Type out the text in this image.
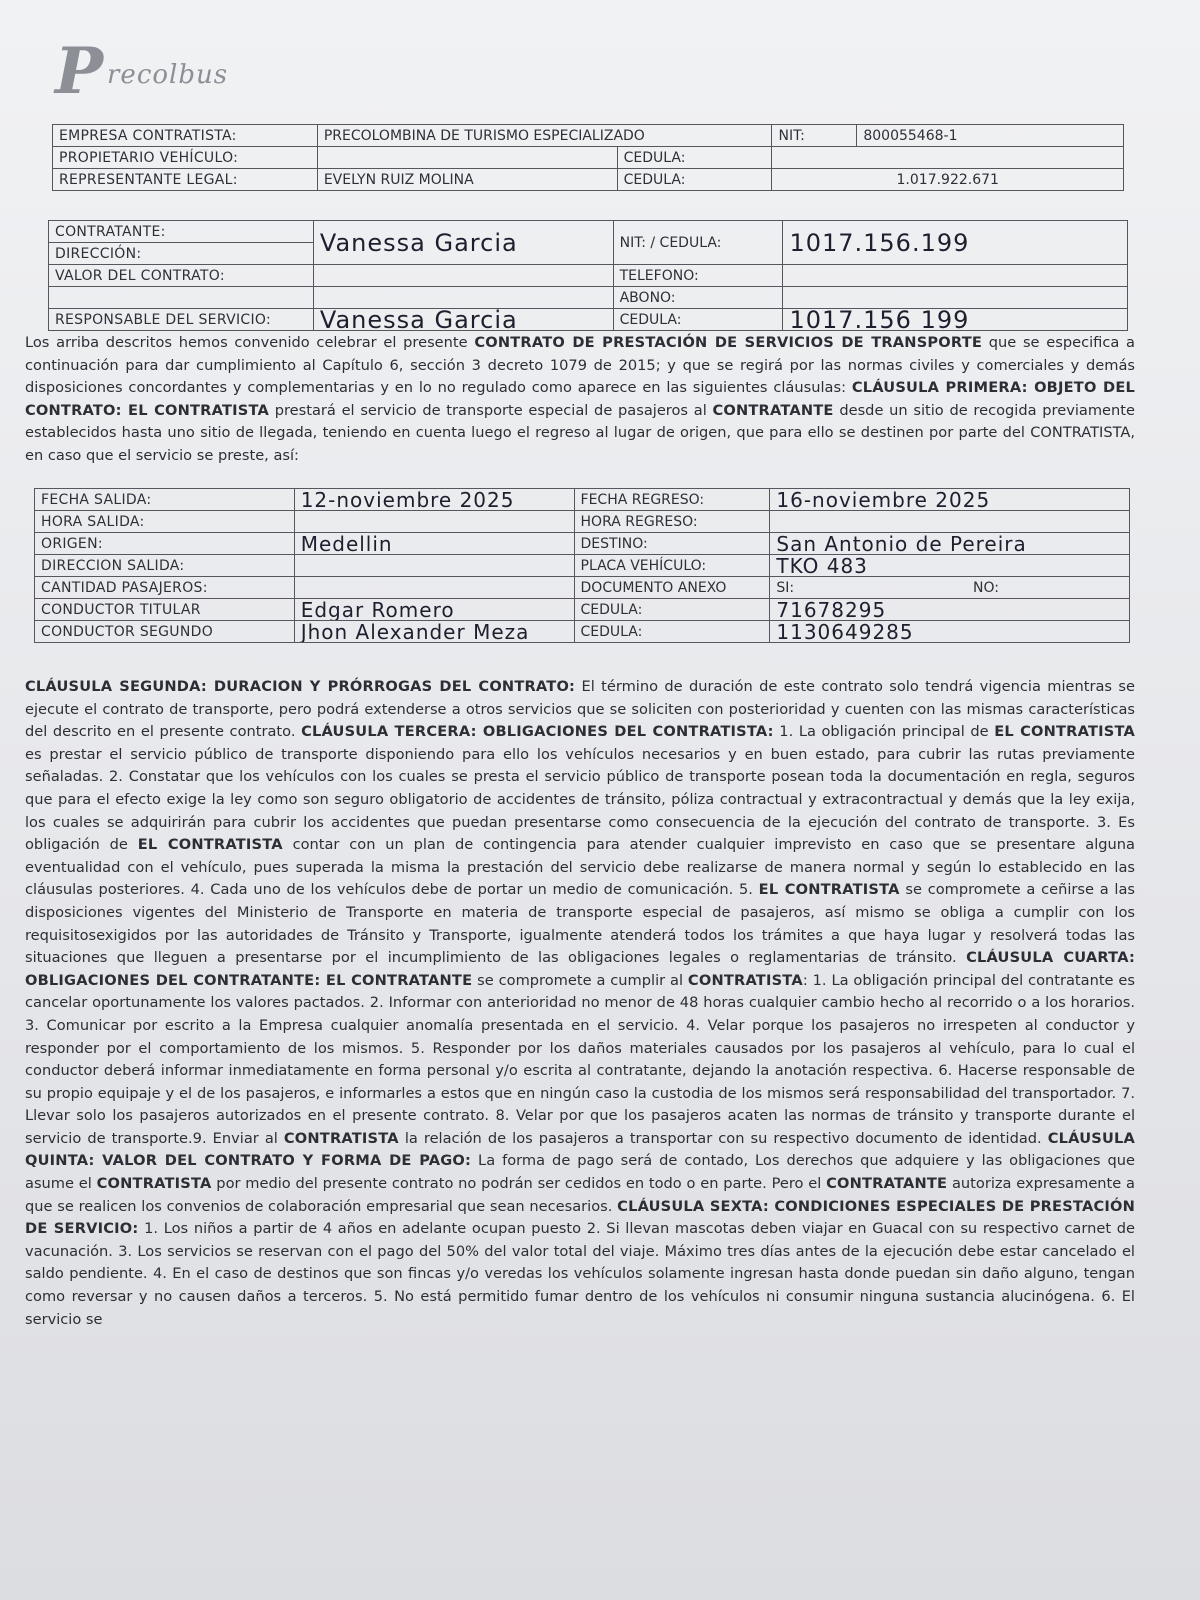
P recolbus
EMPRESA CONTRATISTA:	PRECOLOMBINA DE TURISMO ESPECIALIZADO		NIT:	800055468-1
PROPIETARIO VEHÍCULO:		CEDULA:		
REPRESENTANTE LEGAL:	EVELYN RUIZ MOLINA	CEDULA:	1.017.922.671	
CONTRATANTE:	Vanessa Garcia	NIT: / CEDULA:	1017.156.199
DIRECCIÓN:			
VALOR DEL CONTRATO:		TELEFONO:	
		ABONO:	
RESPONSABLE DEL SERVICIO:	Vanessa Garcia	CEDULA:	1017.156 199

Los arriba descritos hemos convenido celebrar el presente CONTRATO DE PRESTACIÓN DE SERVICIOS DE TRANSPORTE que se especifica a continuación para dar cumplimiento al Capítulo 6, sección 3 decreto 1079 de 2015; y que se regirá por las normas civiles y comerciales y demás disposiciones concordantes y complementarias y en lo no regulado como aparece en las siguientes cláusulas: CLÁUSULA PRIMERA: OBJETO DEL CONTRATO: EL CONTRATISTA prestará el servicio de transporte especial de pasajeros al CONTRATANTE desde un sitio de recogida previamente establecidos hasta uno sitio de llegada, teniendo en cuenta luego el regreso al lugar de origen, que para ello se destinen por parte del CONTRATISTA, en caso que el servicio se preste, así:

FECHA SALIDA:	12-noviembre 2025	FECHA REGRESO:	16-noviembre 2025
HORA SALIDA:		HORA REGRESO:	
ORIGEN:	Medellin	DESTINO:	San Antonio de Pereira
DIRECCION SALIDA:		PLACA VEHÍCULO:	TKO 483
CANTIDAD PASAJEROS:		DOCUMENTO ANEXO	SI: NO:
CONDUCTOR TITULAR	Edgar Romero	CEDULA:	71678295
CONDUCTOR SEGUNDO	Jhon Alexander Meza	CEDULA:	1130649285

CLÁUSULA SEGUNDA: DURACION Y PRÓRROGAS DEL CONTRATO: El término de duración de este contrato solo tendrá vigencia mientras se ejecute el contrato de transporte, pero podrá extenderse a otros servicios que se soliciten con posterioridad y cuenten con las mismas características del descrito en el presente contrato. CLÁUSULA TERCERA: OBLIGACIONES DEL CONTRATISTA: 1. La obligación principal de EL CONTRATISTA es prestar el servicio público de transporte disponiendo para ello los vehículos necesarios y en buen estado, para cubrir las rutas previamente señaladas. 2. Constatar que los vehículos con los cuales se presta el servicio público de transporte posean toda la documentación en regla, seguros que para el efecto exige la ley como son seguro obligatorio de accidentes de tránsito, póliza contractual y extracontractual y demás que la ley exija, los cuales se adquirirán para cubrir los accidentes que puedan presentarse como consecuencia de la ejecución del contrato de transporte. 3. Es obligación de EL CONTRATISTA contar con un plan de contingencia para atender cualquier imprevisto en caso que se presentare alguna eventualidad con el vehículo, pues superada la misma la prestación del servicio debe realizarse de manera normal y según lo establecido en las cláusulas posteriores. 4. Cada uno de los vehículos debe de portar un medio de comunicación. 5. EL CONTRATISTA se compromete a ceñirse a las disposiciones vigentes del Ministerio de Transporte en materia de transporte especial de pasajeros, así mismo se obliga a cumplir con los requisitosexigidos por las autoridades de Tránsito y Transporte, igualmente atenderá todos los trámites a que haya lugar y resolverá todas las situaciones que lleguen a presentarse por el incumplimiento de las obligaciones legales o reglamentarias de tránsito. CLÁUSULA CUARTA: OBLIGACIONES DEL CONTRATANTE: EL CONTRATANTE se compromete a cumplir al CONTRATISTA: 1. La obligación principal del contratante es cancelar oportunamente los valores pactados. 2. Informar con anterioridad no menor de 48 horas cualquier cambio hecho al recorrido o a los horarios. 3. Comunicar por escrito a la Empresa cualquier anomalía presentada en el servicio. 4. Velar porque los pasajeros no irrespeten al conductor y responder por el comportamiento de los mismos. 5. Responder por los daños materiales causados por los pasajeros al vehículo, para lo cual el conductor deberá informar inmediatamente en forma personal y/o escrita al contratante, dejando la anotación respectiva. 6. Hacerse responsable de su propio equipaje y el de los pasajeros, e informarles a estos que en ningún caso la custodia de los mismos será responsabilidad del transportador. 7. Llevar solo los pasajeros autorizados en el presente contrato. 8. Velar por que los pasajeros acaten las normas de tránsito y transporte durante el servicio de transporte.9. Enviar al CONTRATISTA la relación de los pasajeros a transportar con su respectivo documento de identidad. CLÁUSULA QUINTA: VALOR DEL CONTRATO Y FORMA DE PAGO: La forma de pago será de contado, Los derechos que adquiere y las obligaciones que asume el CONTRATISTA por medio del presente contrato no podrán ser cedidos en todo o en parte. Pero el CONTRATANTE autoriza expresamente a que se realicen los convenios de colaboración empresarial que sean necesarios. CLÁUSULA SEXTA: CONDICIONES ESPECIALES DE PRESTACIÓN DE SERVICIO: 1. Los niños a partir de 4 años en adelante ocupan puesto 2. Si llevan mascotas deben viajar en Guacal con su respectivo carnet de vacunación. 3. Los servicios se reservan con el pago del 50% del valor total del viaje. Máximo tres días antes de la ejecución debe estar cancelado el saldo pendiente. 4. En el caso de destinos que son fincas y/o veredas los vehículos solamente ingresan hasta donde puedan sin daño alguno, tengan como reversar y no causen daños a terceros. 5. No está permitido fumar dentro de los vehículos ni consumir ninguna sustancia alucinógena. 6. El servicio se
